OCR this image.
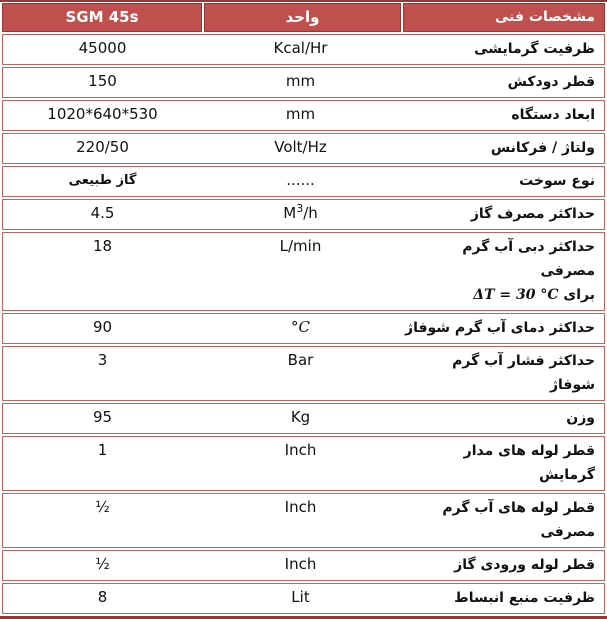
SGM 45s	واحد	مشخصات فنی
45000	Kcal/Hr	ظرفیت گرمایشی
150	mm	قطر دودکش
1020*640*530	mm	ابعاد دستگاه
220/50	Volt/Hz	ولتاژ / فرکانس
گاز طبیعی	......	نوع سوخت
4.5	$M^3/h$	حداکثر مصرف گاز
18	L/min	حداکثر دبی آب گرم مصرفی
برای ΔT = 30 °C
90	°C	حداکثر دمای آب گرم شوفاژ
3	Bar	حداکثر فشار آب گرم شوفاژ
95	Kg	وزن
1	Inch	قطر لوله های مدار گرمایش
½	Inch	قطر لوله های آب گرم
مصرفی
½	Inch	قطر لوله ورودی گاز
8	Lit	ظرفیت منبع انبساط
